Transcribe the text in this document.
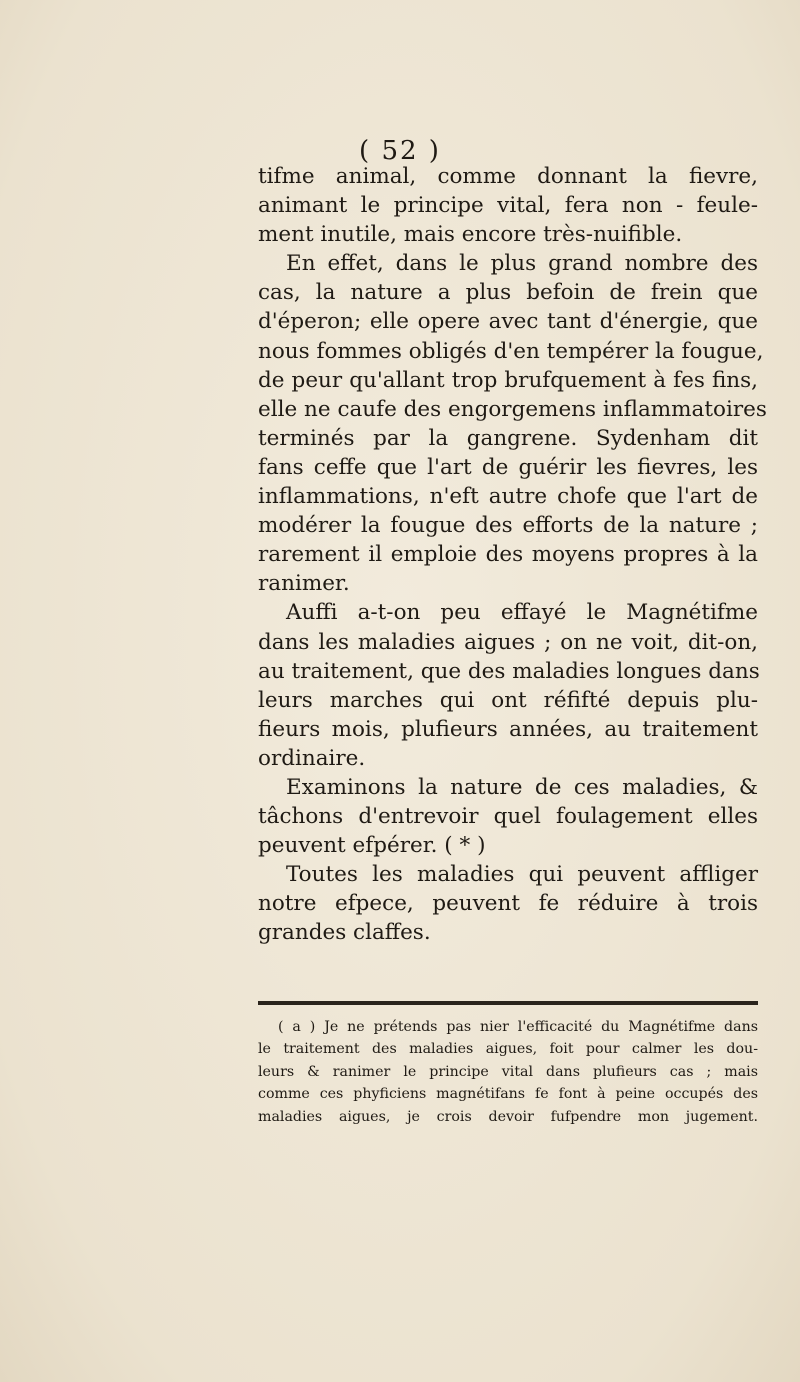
( 52 )
tifme animal, comme donnant la fievre,
animant le principe vital, fera non - feule-
ment inutile, mais encore très-nuifible.
En effet, dans le plus grand nombre des
cas, la nature a plus befoin de frein que
d'éperon; elle opere avec tant d'énergie, que
nous fommes obligés d'en tempérer la fougue,
de peur qu'allant trop brufquement à fes fins,
elle ne caufe des engorgemens inflammatoires
terminés par la gangrene. Sydenham dit
fans ceffe que l'art de guérir les fievres, les
inflammations, n'eft autre chofe que l'art de
modérer la fougue des efforts de la nature ;
rarement il emploie des moyens propres à la
ranimer.
Auffi a-t-on peu effayé le Magnétifme
dans les maladies aigues ; on ne voit, dit-on,
au traitement, que des maladies longues dans
leurs marches qui ont réfifté depuis plu-
fieurs mois, plufieurs années, au traitement
ordinaire.
Examinons la nature de ces maladies, &
tâchons d'entrevoir quel foulagement elles
peuvent efpérer. ( * )
Toutes les maladies qui peuvent affliger
notre efpece, peuvent fe réduire à trois
grandes claffes.
( a ) Je ne prétends pas nier l'efficacité du Magnétifme dans
le traitement des maladies aigues, foit pour calmer les dou-
leurs & ranimer le principe vital dans plufieurs cas ; mais
comme ces phyficiens magnétifans fe font à peine occupés des
maladies aigues, je crois devoir fufpendre mon jugement.
